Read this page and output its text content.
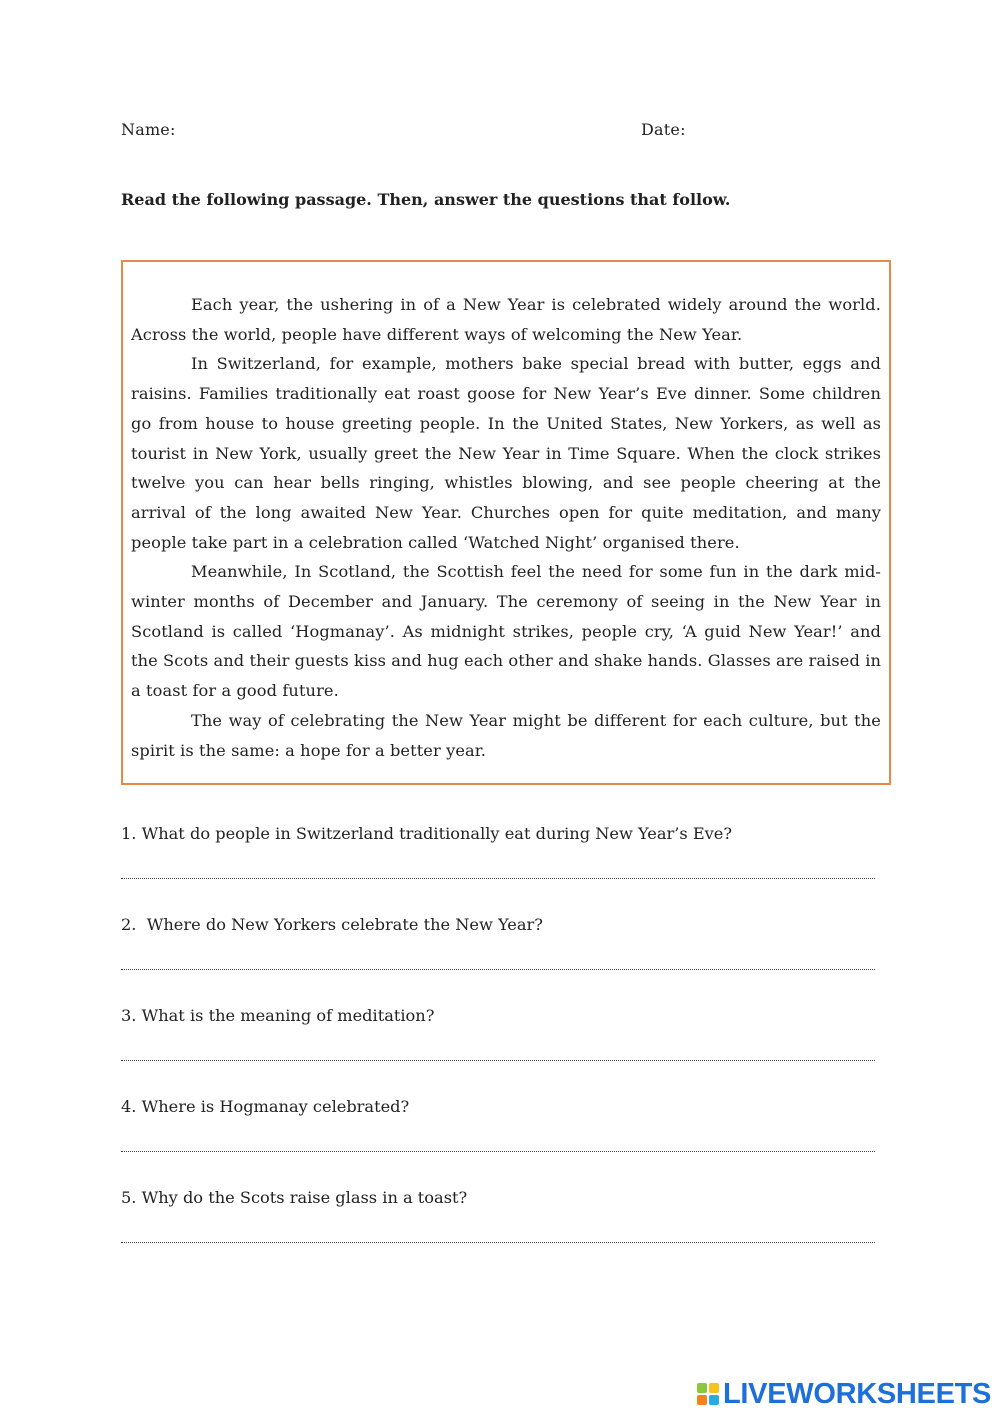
Name:	Date:
Read the following passage. Then, answer the questions that follow.

Each year, the ushering in of a New Year is celebrated widely around the world. Across the world, people have different ways of welcoming the New Year.

In Switzerland, for example, mothers bake special bread with butter, eggs and raisins. Families traditionally eat roast goose for New Year’s Eve dinner. Some children go from house to house greeting people. In the United States, New Yorkers, as well as tourist in New York, usually greet the New Year in Time Square. When the clock strikes twelve you can hear bells ringing, whistles blowing, and see people cheering at the arrival of the long awaited New Year. Churches open for quite meditation, and many people take part in a celebration called ‘Watched Night’ organised there.

Meanwhile, In Scotland, the Scottish feel the need for some fun in the dark mid-winter months of December and January. The ceremony of seeing in the New Year in Scotland is called ‘Hogmanay’. As midnight strikes, people cry, ‘A guid New Year!’ and the Scots and their guests kiss and hug each other and shake hands. Glasses are raised in a toast for a good future.

The way of celebrating the New Year might be different for each culture, but the spirit is the same: a hope for a better year.

1. What do people in Switzerland traditionally eat during New Year’s Eve?
2.  Where do New Yorkers celebrate the New Year?
3. What is the meaning of meditation?
4. Where is Hogmanay celebrated?
5. Why do the Scots raise glass in a toast?
LIVEWORKSHEETS
